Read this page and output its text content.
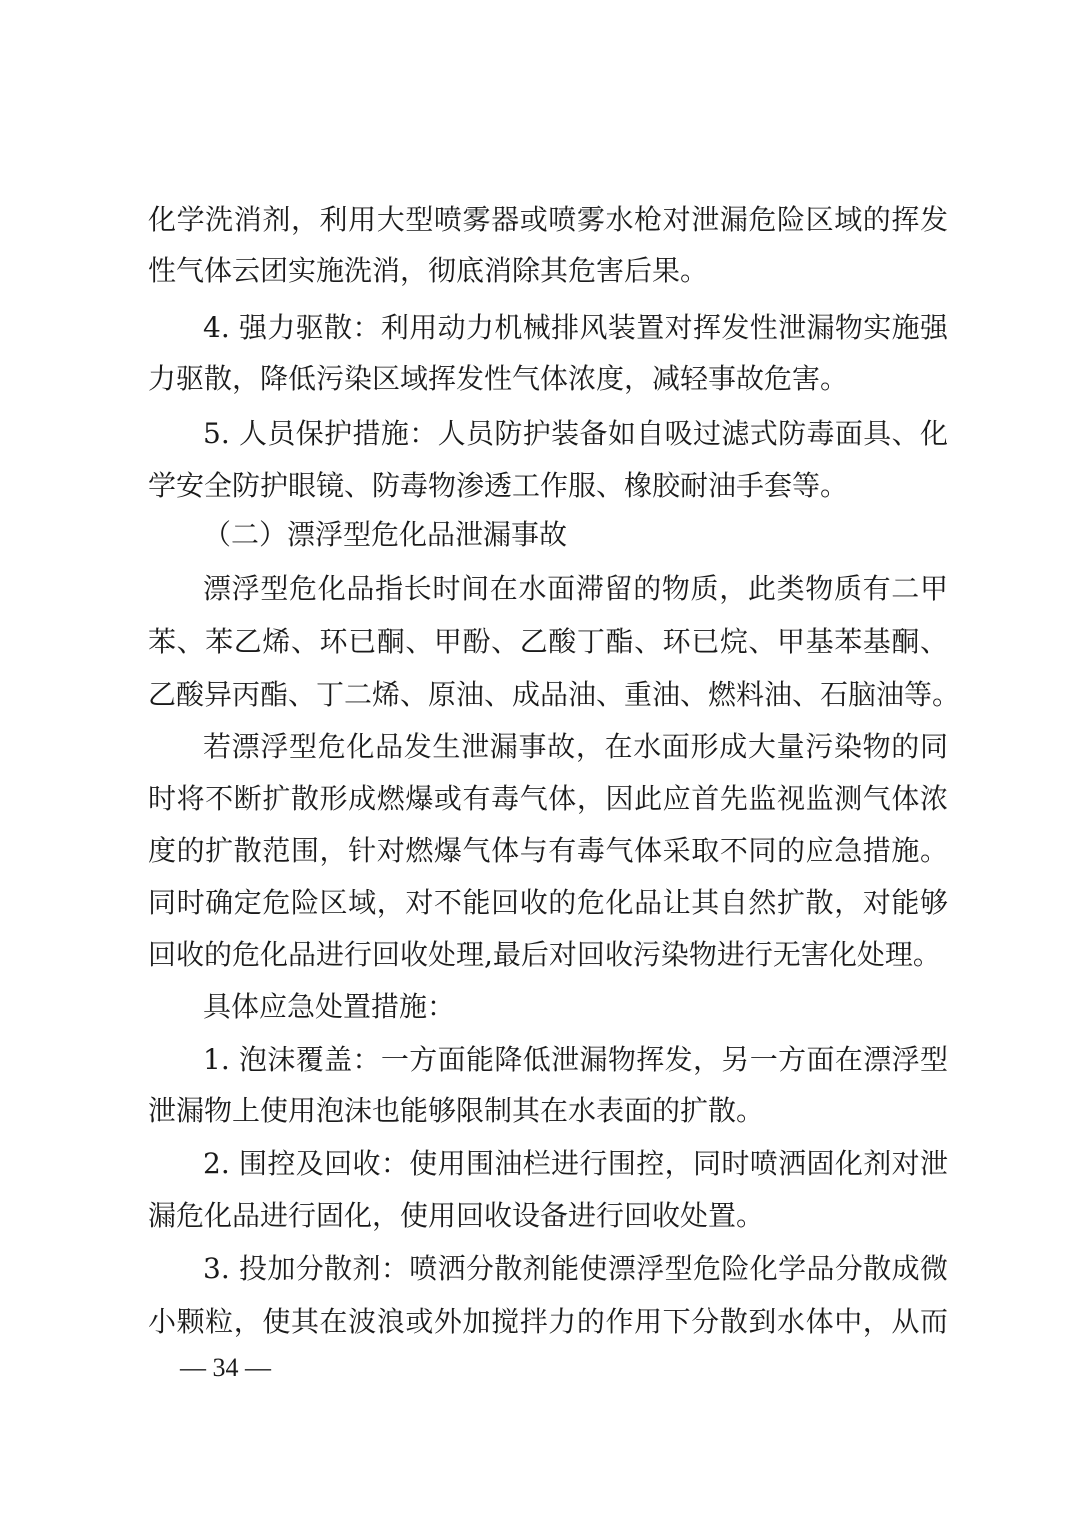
化学洗消剂，利用大型喷雾器或喷雾水枪对泄漏危险区域的挥发
性气体云团实施洗消，彻底消除其危害后果。
4. 强力驱散：利用动力机械排风装置对挥发性泄漏物实施强
力驱散，降低污染区域挥发性气体浓度，减轻事故危害。
5. 人员保护措施：人员防护装备如自吸过滤式防毒面具、化
学安全防护眼镜、防毒物渗透工作服、橡胶耐油手套等。
（二）漂浮型危化品泄漏事故
漂浮型危化品指长时间在水面滞留的物质，此类物质有二甲
苯、苯乙烯、环已酮、甲酚、乙酸丁酯、环已烷、甲基苯基酮、
乙酸异丙酯、丁二烯、原油、成品油、重油、燃料油、石脑油等。
若漂浮型危化品发生泄漏事故，在水面形成大量污染物的同
时将不断扩散形成燃爆或有毒气体，因此应首先监视监测气体浓
度的扩散范围，针对燃爆气体与有毒气体采取不同的应急措施。
同时确定危险区域，对不能回收的危化品让其自然扩散，对能够
回收的危化品进行回收处理,最后对回收污染物进行无害化处理。
具体应急处置措施：
1. 泡沫覆盖：一方面能降低泄漏物挥发，另一方面在漂浮型
泄漏物上使用泡沫也能够限制其在水表面的扩散。
2. 围控及回收：使用围油栏进行围控，同时喷洒固化剂对泄
漏危化品进行固化，使用回收设备进行回收处置。
3. 投加分散剂：喷洒分散剂能使漂浮型危险化学品分散成微
小颗粒，使其在波浪或外加搅拌力的作用下分散到水体中，从而
— 34 —
